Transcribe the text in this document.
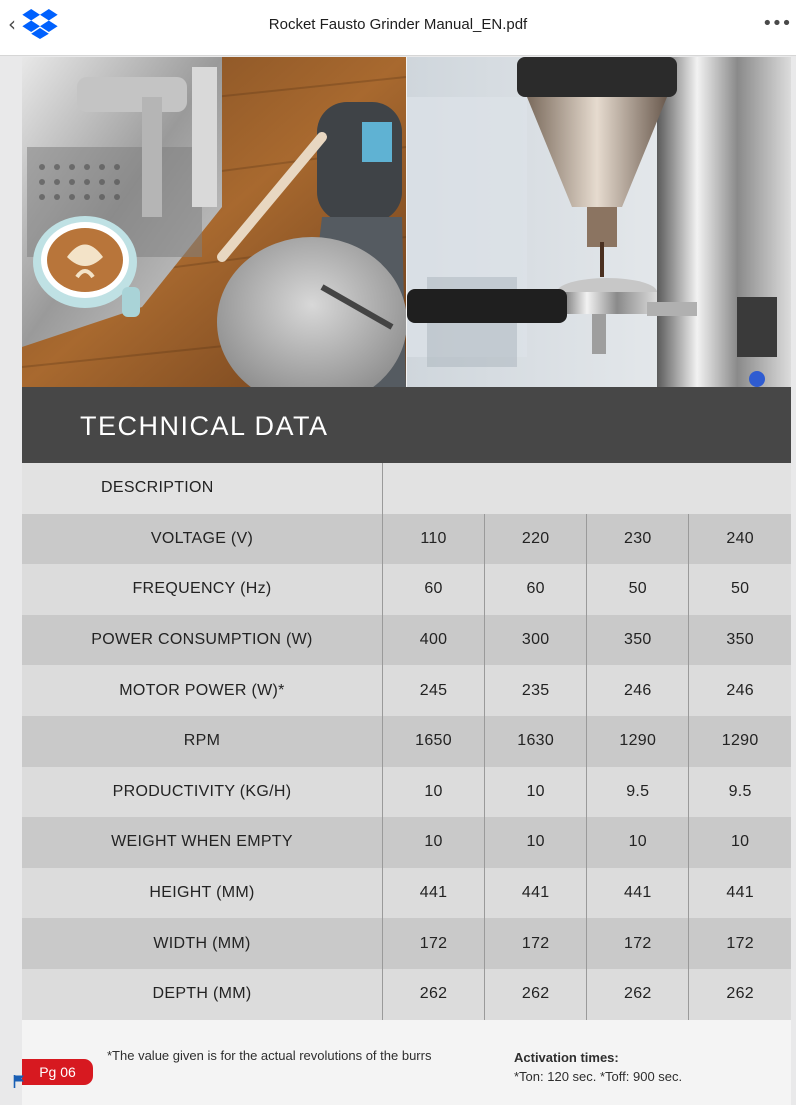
‹	Rocket Fausto Grinder Manual_EN.pdf	•••
TECHNICAL DATA
DESCRIPTION				
VOLTAGE (V)	110	220	230	240
FREQUENCY (Hz)	60	60	50	50
POWER CONSUMPTION (W)	400	300	350	350
MOTOR POWER (W)*	245	235	246	246
RPM	1650	1630	1290	1290
PRODUCTIVITY (KG/H)	10	10	9.5	9.5
WEIGHT WHEN EMPTY	10	10	10	10
HEIGHT (MM)	441	441	441	441
WIDTH (MM)	172	172	172	172
DEPTH (MM)	262	262	262	262
Pg 06
*The value given is for the actual revolutions of the burrs	Activation times:
*Ton: 120 sec. *Toff: 900 sec.
